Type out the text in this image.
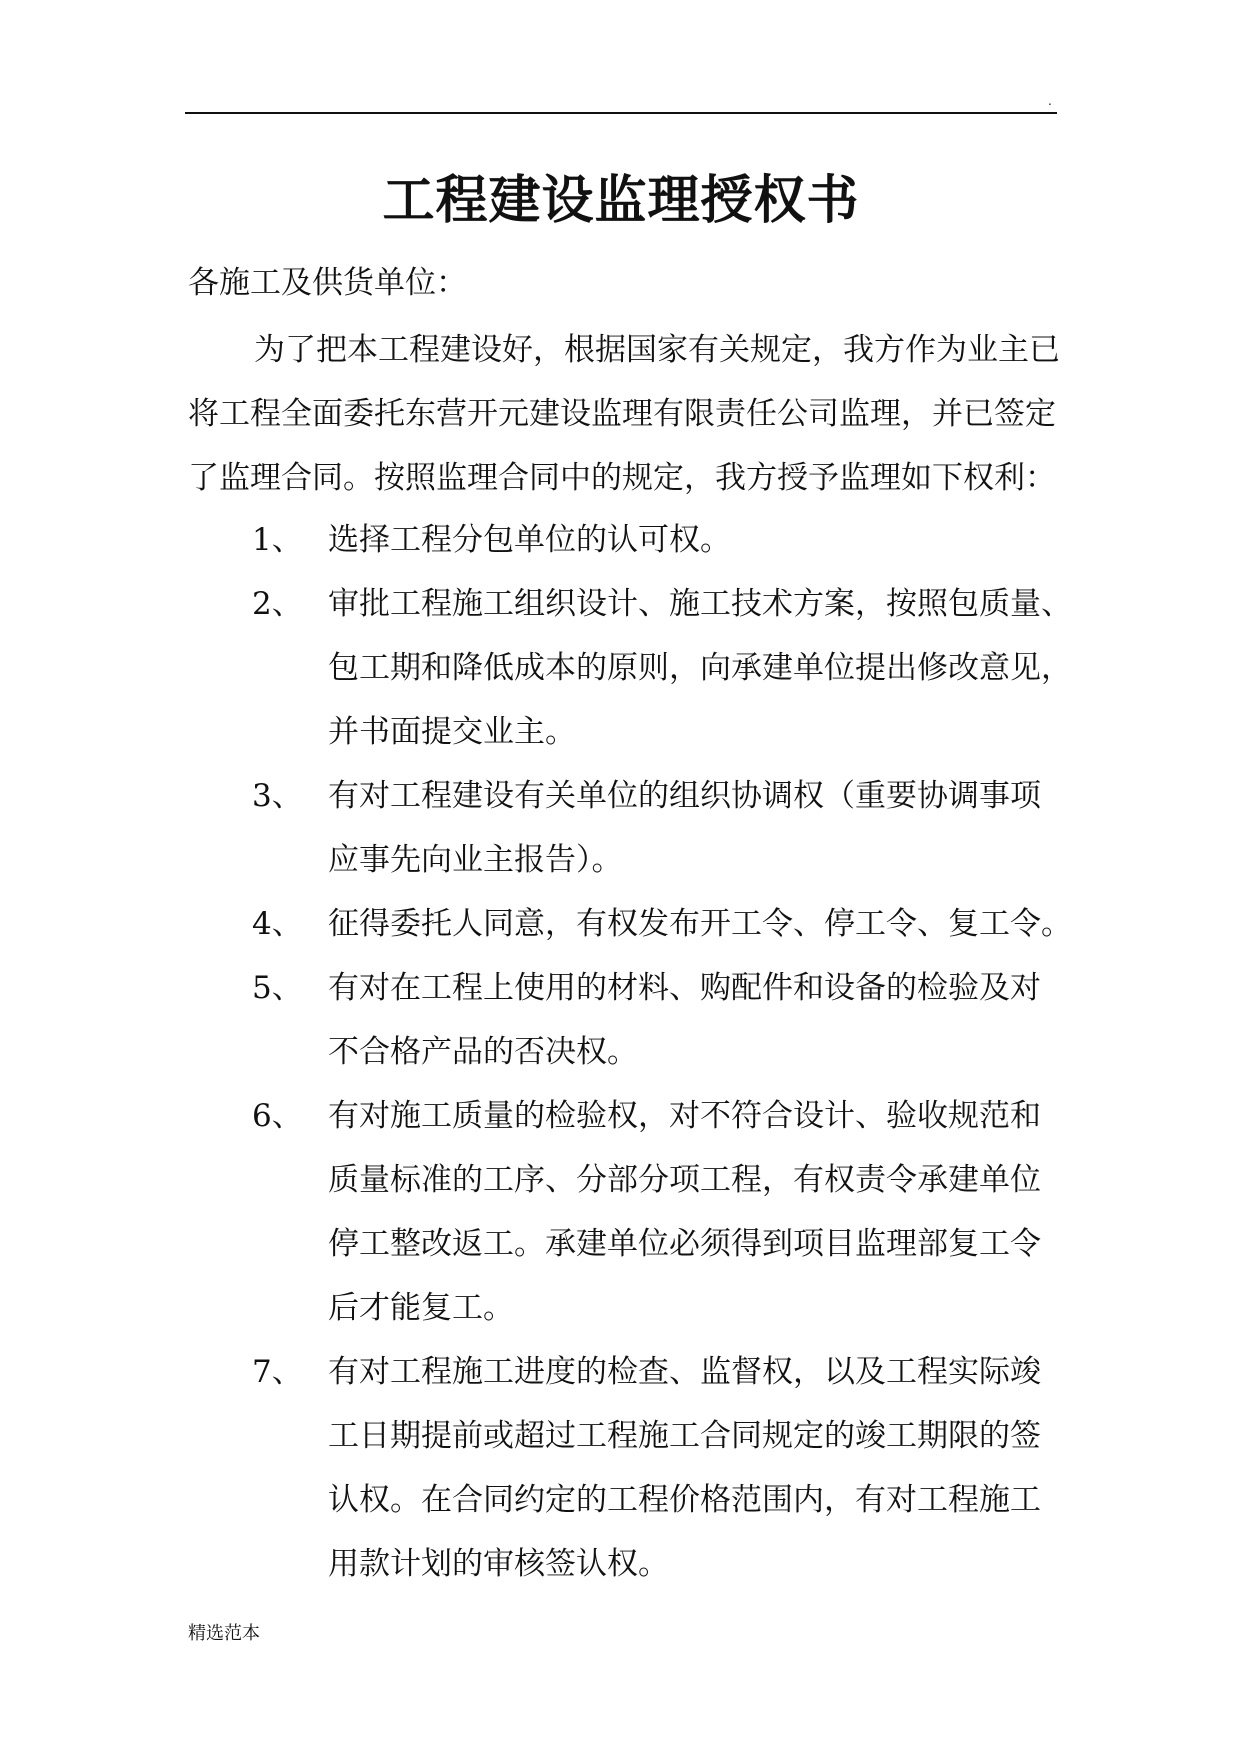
.
工程建设监理授权书
各施工及供货单位：
为了把本工程建设好，根据国家有关规定，我方作为业主已
将工程全面委托东营开元建设监理有限责任公司监理，并已签定
了监理合同。按照监理合同中的规定，我方授予监理如下权利：
1、 选择工程分包单位的认可权。
2、 审批工程施工组织设计、施工技术方案，按照包质量、
包工期和降低成本的原则，向承建单位提出修改意见，
并书面提交业主。
3、 有对工程建设有关单位的组织协调权（重要协调事项
应事先向业主报告）。
4、 征得委托人同意，有权发布开工令、停工令、复工令。
5、 有对在工程上使用的材料、购配件和设备的检验及对
不合格产品的否决权。
6、 有对施工质量的检验权，对不符合设计、验收规范和
质量标准的工序、分部分项工程，有权责令承建单位
停工整改返工。承建单位必须得到项目监理部复工令
后才能复工。
7、 有对工程施工进度的检查、监督权，以及工程实际竣
工日期提前或超过工程施工合同规定的竣工期限的签
认权。在合同约定的工程价格范围内，有对工程施工
用款计划的审核签认权。
精选范本
